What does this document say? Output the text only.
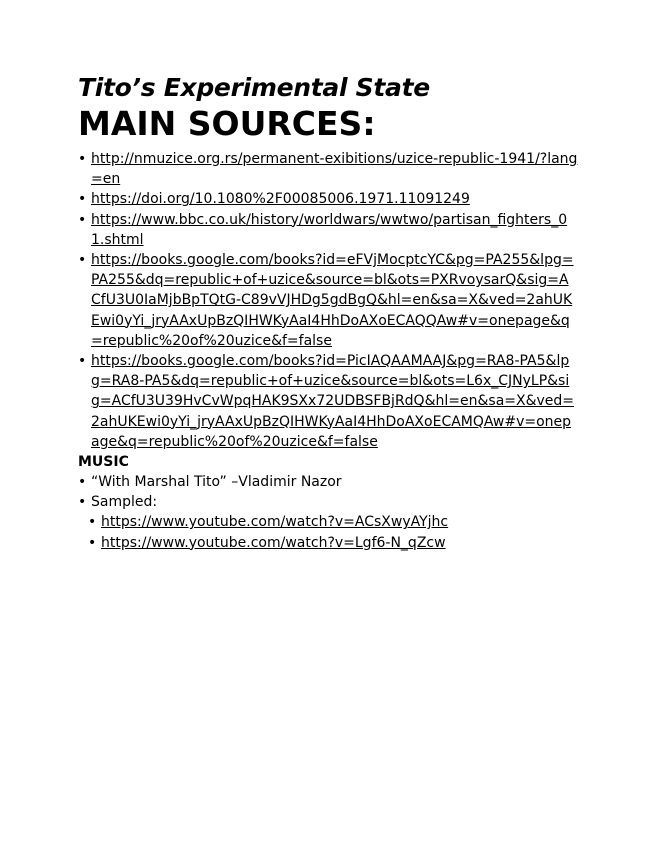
Tito’s Experimental State
MAIN SOURCES:
• http://nmuzice.org.rs/permanent-exibitions/uzice-republic-1941/?lang=en
• https://doi.org/10.1080%2F00085006.1971.11091249
• https://www.bbc.co.uk/history/worldwars/wwtwo/partisan_fighters_01.shtml
• https://books.google.com/books?id=eFVjMocptcYC&pg=PA255&lpg=PA255&dq=republic+of+uzice&source=bl&ots=PXRvoysarQ&sig=ACfU3U0IaMjbBpTQtG-C89vVJHDg5gdBgQ&hl=en&sa=X&ved=2ahUKEwi0yYi_jryAAxUpBzQIHWKyAaI4HhDoAXoECAQQAw#v=onepage&q=republic%20of%20uzice&f=false
• https://books.google.com/books?id=PicIAQAAMAAJ&pg=RA8-PA5&lpg=RA8-PA5&dq=republic+of+uzice&source=bl&ots=L6x_CJNyLP&sig=ACfU3U39HvCvWpqHAK9SXx72UDBSFBjRdQ&hl=en&sa=X&ved=2ahUKEwi0yYi_jryAAxUpBzQIHWKyAaI4HhDoAXoECAMQAw#v=onepage&q=republic%20of%20uzice&f=false

MUSIC

• “With Marshal Tito” –Vladimir Nazor
• Sampled:
• https://www.youtube.com/watch?v=ACsXwyAYjhc
• https://www.youtube.com/watch?v=Lgf6-N_qZcw
